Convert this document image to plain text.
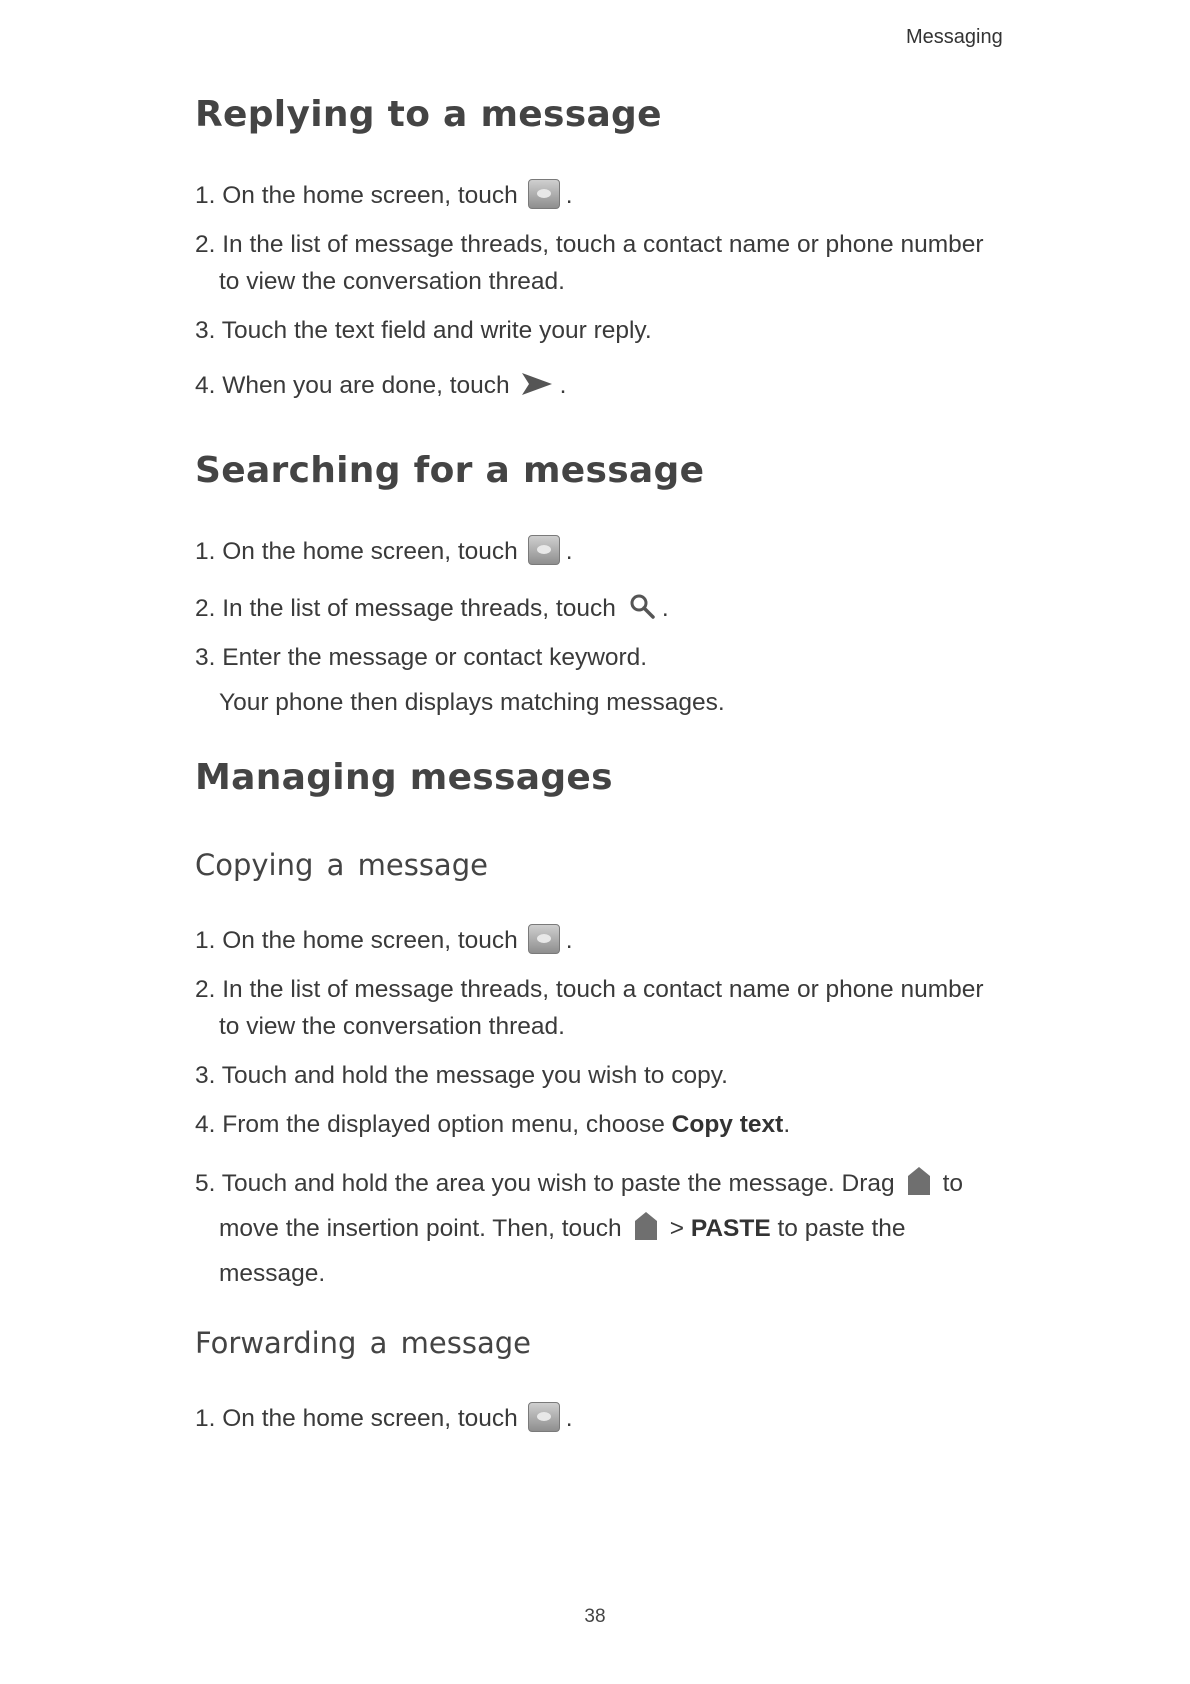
Messaging
Replying to a message
1. On the home screen, touch .
2. In the list of message threads, touch a contact name or phone number to view the conversation thread.
3. Touch the text field and write your reply.
4. When you are done, touch .
Searching for a message
1. On the home screen, touch .
2. In the list of message threads, touch .
3. Enter the message or contact keyword.
Your phone then displays matching messages.
Managing messages
Copying a message
1. On the home screen, touch .
2. In the list of message threads, touch a contact name or phone number to view the conversation thread.
3. Touch and hold the message you wish to copy.
4. From the displayed option menu, choose Copy text.
5. Touch and hold the area you wish to paste the message. Drag to move the insertion point. Then, touch > PASTE to paste the message.
Forwarding a message
1. On the home screen, touch .
38
